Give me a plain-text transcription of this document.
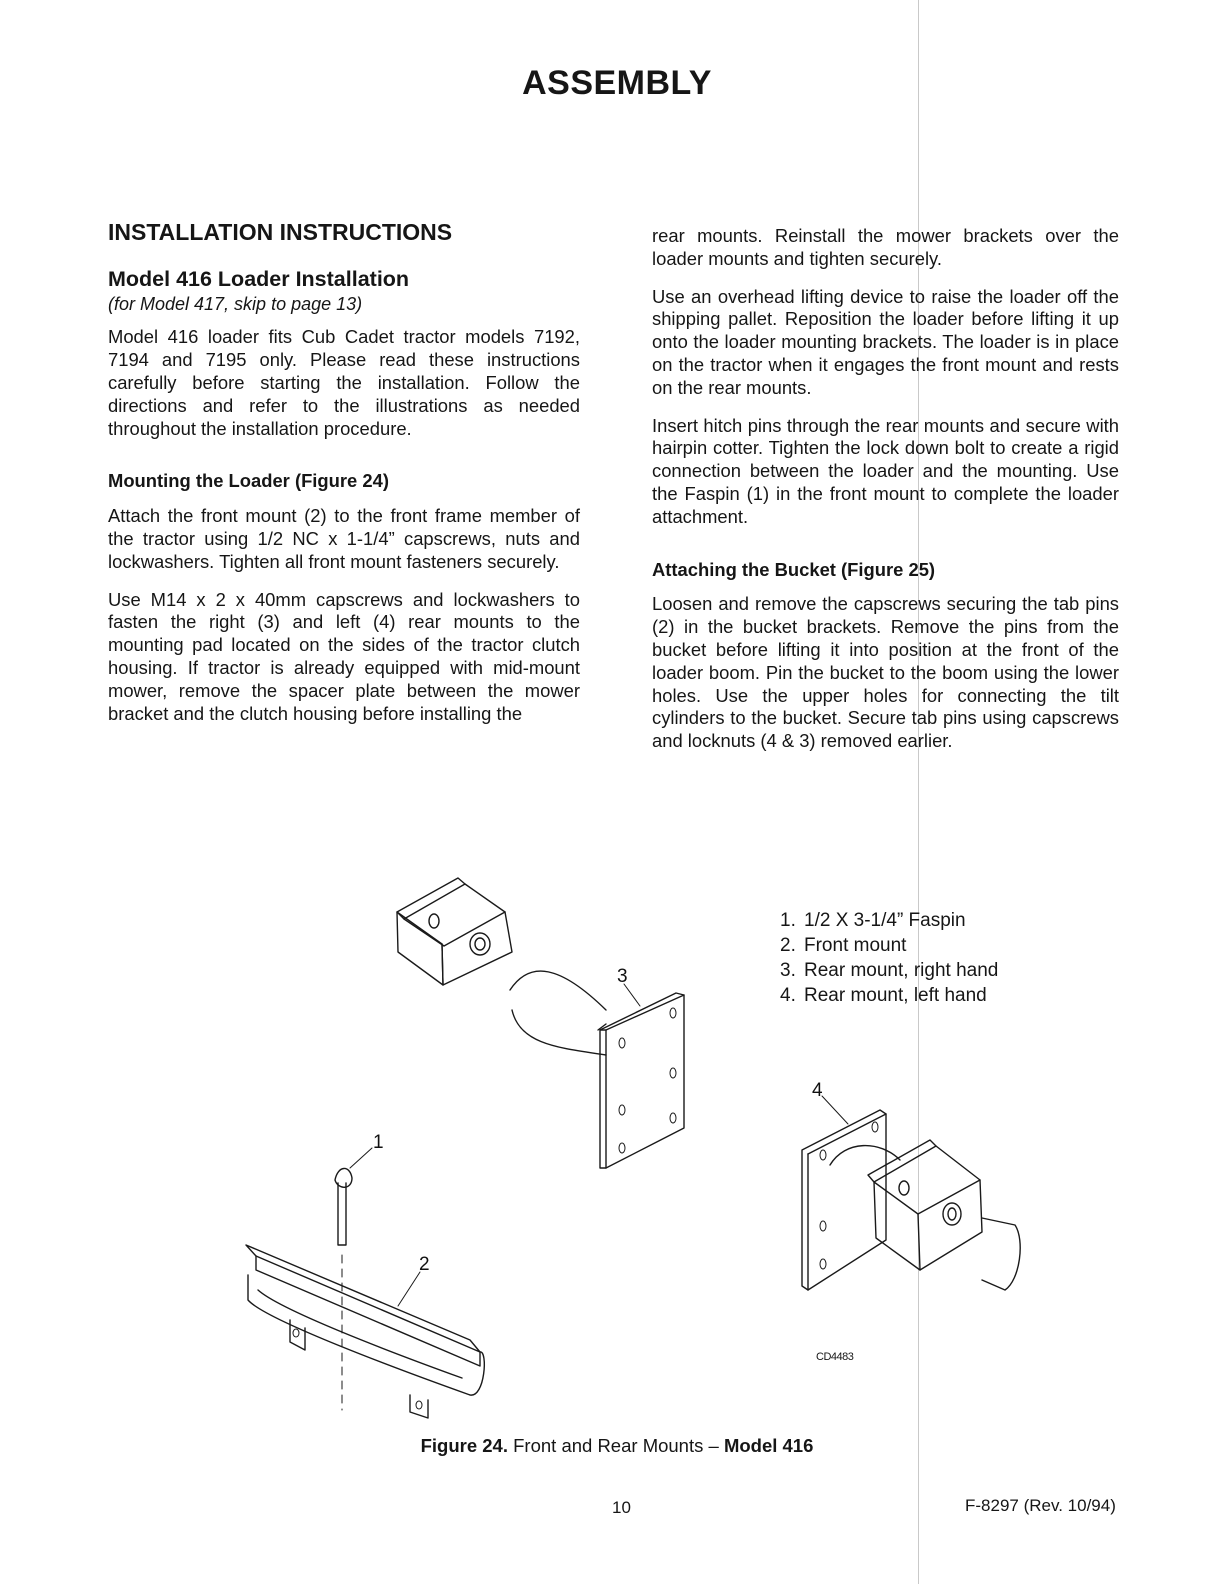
ASSEMBLY
INSTALLATION INSTRUCTIONS
Model 416 Loader Installation
(for Model 417, skip to page 13)

Model 416 loader fits Cub Cadet tractor models 7192, 7194 and 7195 only. Please read these instructions carefully before starting the installation. Follow the directions and refer to the illustrations as needed throughout the installation procedure.

Mounting the Loader (Figure 24)

Attach the front mount (2) to the front frame member of the tractor using 1/2 NC x 1-1/4” capscrews, nuts and lockwashers. Tighten all front mount fasteners securely.

Use M14 x 2 x 40mm capscrews and lockwashers to fasten the right (3) and left (4) rear mounts to the mounting pad located on the sides of the tractor clutch housing. If tractor is already equipped with mid-mount mower, remove the spacer plate between the mower bracket and the clutch housing before installing the

rear mounts. Reinstall the mower brackets over the loader mounts and tighten securely.

Use an overhead lifting device to raise the loader off the shipping pallet. Reposition the loader before lifting it up onto the loader mounting brackets. The loader is in place on the tractor when it engages the front mount and rests on the rear mounts.

Insert hitch pins through the rear mounts and secure with hairpin cotter. Tighten the lock down bolt to create a rigid connection between the loader and the mounting. Use the Faspin (1) in the front mount to complete the loader attachment.

Attaching the Bucket (Figure 25)

Loosen and remove the capscrews securing the tab pins (2) in the bucket brackets. Remove the pins from the bucket before lifting it into position at the front of the loader boom. Pin the bucket to the boom using the lower holes. Use the upper holes for connecting the tilt cylinders to the bucket. Secure tab pins using capscrews and locknuts (4 & 3) removed earlier.

3
1
2
4
1. 1/2 X 3-1/4” Faspin
2. Front mount
3. Rear mount, right hand
4. Rear mount, left hand
CD4483
Figure 24. Front and Rear Mounts – Model 416
10	F-8297 (Rev. 10/94)
